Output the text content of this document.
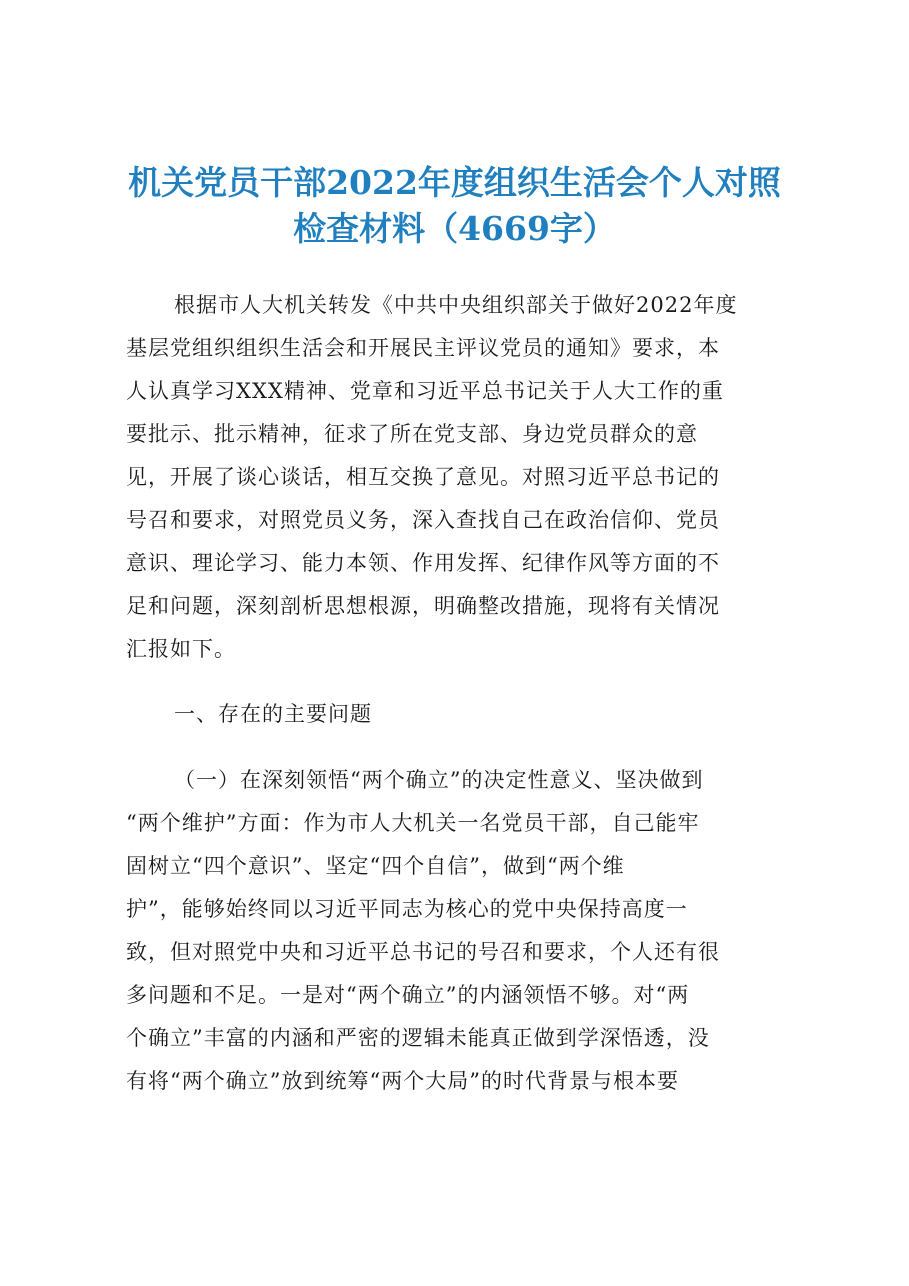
机关党员干部2022年度组织生活会个人对照
检查材料（4669字）
根据市人大机关转发《中共中央组织部关于做好2022年度
基层党组织组织生活会和开展民主评议党员的通知》要求，本
人认真学习XXX精神、党章和习近平总书记关于人大工作的重
要批示、批示精神，征求了所在党支部、身边党员群众的意
见，开展了谈心谈话，相互交换了意见。对照习近平总书记的
号召和要求，对照党员义务，深入查找自己在政治信仰、党员
意识、理论学习、能力本领、作用发挥、纪律作风等方面的不
足和问题，深刻剖析思想根源，明确整改措施，现将有关情况
汇报如下。
一、存在的主要问题
（一）在深刻领悟“两个确立”的决定性意义、坚决做到
“两个维护”方面：作为市人大机关一名党员干部，自己能牢
固树立“四个意识”、坚定“四个自信”，做到“两个维
护”，能够始终同以习近平同志为核心的党中央保持高度一
致，但对照党中央和习近平总书记的号召和要求，个人还有很
多问题和不足。一是对“两个确立”的内涵领悟不够。对“两
个确立”丰富的内涵和严密的逻辑未能真正做到学深悟透，没
有将“两个确立”放到统筹“两个大局”的时代背景与根本要
